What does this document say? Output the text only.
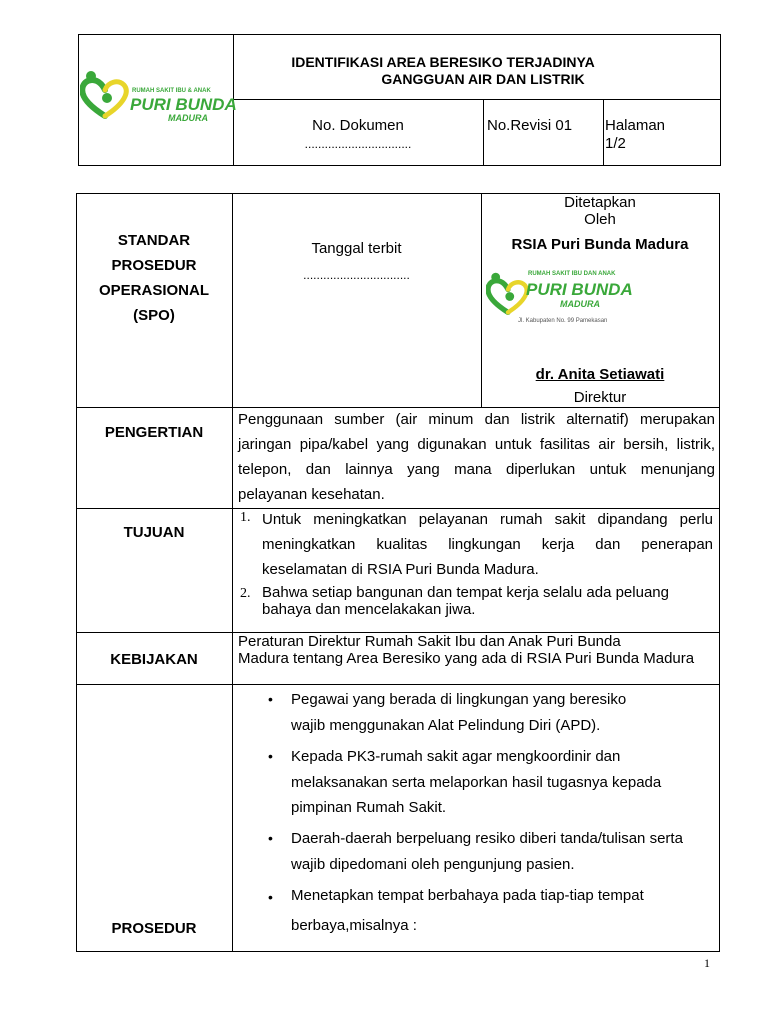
RUMAH SAKIT IBU & ANAK
PURI BUNDA
MADURA
IDENTIFIKASI AREA BERESIKO TERJADINYA
GANGGUAN AIR DAN LISTRIK
No. Dokumen
................................
No.Revisi 01 Halaman
1/2
STANDAR
PROSEDUR
OPERASIONAL
(SPO)
Tanggal terbit
................................
Ditetapkan
Oleh
RSIA Puri Bunda Madura
RUMAH SAKIT IBU DAN ANAK
PURI BUNDA
MADURA
Jl. Kabupaten No. 99 Pamekasan
dr. Anita Setiawati
Direktur
PENGERTIAN
Penggunaan sumber (air minum dan listrik alternatif) merupakan
jaringan pipa/kabel yang digunakan untuk fasilitas air bersih, listrik,
telepon, dan lainnya yang mana diperlukan untuk menunjang
pelayanan kesehatan.
TUJUAN
1. Untuk meningkatkan pelayanan rumah sakit dipandang perlu
meningkatkan kualitas lingkungan kerja dan penerapan
keselamatan di RSIA Puri Bunda Madura.
2. Bahwa setiap bangunan dan tempat kerja selalu ada peluang
bahaya dan mencelakakan jiwa.
KEBIJAKAN
Peraturan Direktur Rumah Sakit Ibu dan Anak Puri Bunda
Madura tentang Area Beresiko yang ada di RSIA Puri Bunda Madura
PROSEDUR
• Pegawai yang berada di lingkungan yang beresiko
wajib menggunakan Alat Pelindung Diri (APD).
• Kepada PK3-rumah sakit agar mengkoordinir dan
melaksanakan serta melaporkan hasil tugasnya kepada
pimpinan Rumah Sakit.
• Daerah-daerah berpeluang resiko diberi tanda/tulisan serta
wajib dipedomani oleh pengunjung pasien.
• Menetapkan tempat berbahaya pada tiap-tiap tempat
berbaya,misalnya :
1
